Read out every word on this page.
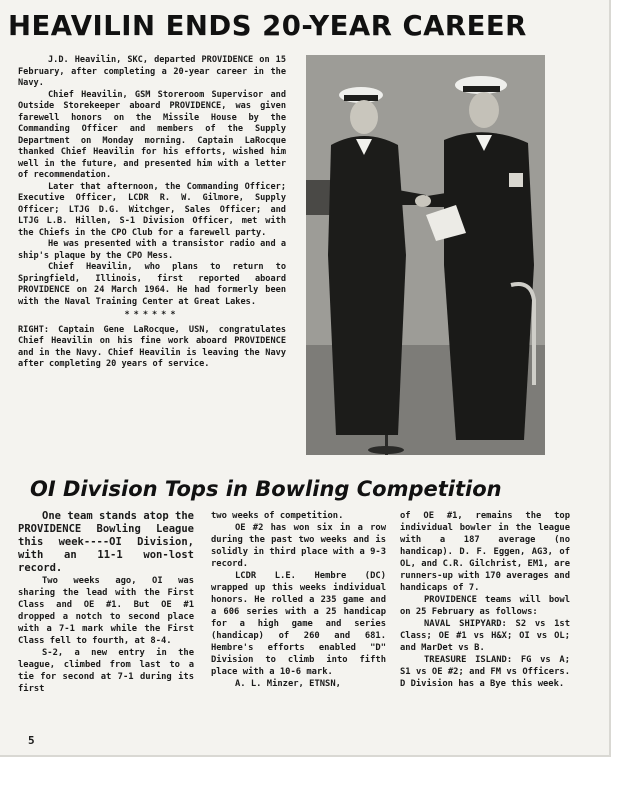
HEAVILIN ENDS 20-YEAR CAREER

J.D. Heavilin, SKC, departed PROVIDENCE on 15 February, after completing a 20-year career in the Navy.

Chief Heavilin, GSM Storeroom Supervisor and Outside Storekeeper aboard PROVIDENCE, was given farewell honors on the Missile House by the Commanding Officer and members of the Supply Department on Monday morning. Captain LaRocque thanked Chief Heavilin for his efforts, wished him well in the future, and presented him with a letter of recommendation.

Later that afternoon, the Commanding Officer; Executive Officer, LCDR R. W. Gilmore, Supply Officer; LTJG D.G. Witchger, Sales Officer; and LTJG L.B. Hillen, S-1 Division Officer, met with the Chiefs in the CPO Club for a farewell party.

He was presented with a transistor radio and a ship's plaque by the CPO Mess.

Chief Heavilin, who plans to return to Springfield, Illinois, first reported aboard PROVIDENCE on 24 March 1964. He had formerly been with the Naval Training Center at Great Lakes.

******

RIGHT: Captain Gene LaRocque, USN, congratulates Chief Heavilin on his fine work aboard PROVIDENCE and in the Navy. Chief Heavilin is leaving the Navy after completing 20 years of service.

OI Division Tops in Bowling Competition

One team stands atop the PROVIDENCE Bowling League this week----OI Division, with an 11-1 won-lost record.

Two weeks ago, OI was sharing the lead with the First Class and OE #1. But OE #1 dropped a notch to second place with a 7-1 mark while the First Class fell to fourth, at 8-4.

S-2, a new entry in the league, climbed from last to a tie for second at 7-1 during its first

two weeks of competition.

OE #2 has won six in a row during the past two weeks and is solidly in third place with a 9-3 record.

LCDR L.E. Hembre (DC) wrapped up this weeks individual honors. He rolled a 235 game and a 606 series with a 25 handicap for a high game and series (handicap) of 260 and 681. Hembre's efforts enabled "D" Division to climb into fifth place with a 10-6 mark.

A. L. Minzer, ETNSN,

of OE #1, remains the top individual bowler in the league with a 187 average (no handicap). D. F. Eggen, AG3, of OL, and C.R. Gilchrist, EM1, are runners-up with 170 averages and handicaps of 7.

PROVIDENCE teams will bowl on 25 February as follows:

NAVAL SHIPYARD: S2 vs 1st Class; OE #1 vs H&X; OI vs OL; and MarDet vs B.

TREASURE ISLAND: FG vs A; S1 vs OE #2; and FM vs Officers. D Division has a Bye this week.

5
